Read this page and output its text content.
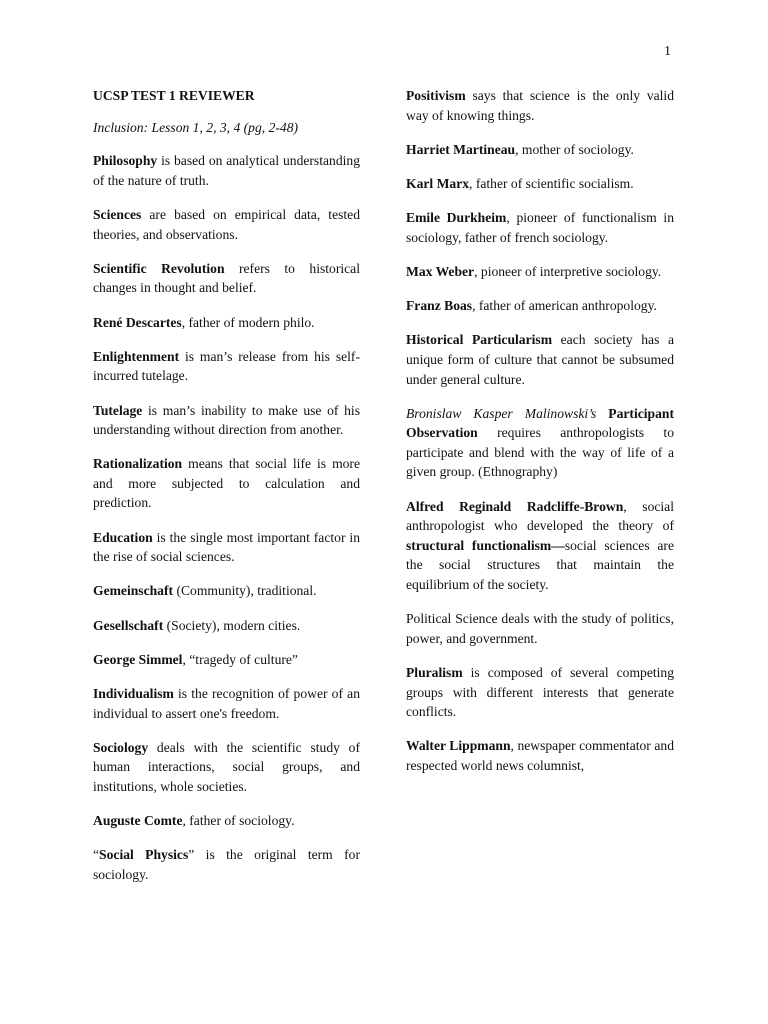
1

UCSP TEST 1 REVIEWER

Inclusion: Lesson 1, 2, 3, 4 (pg, 2-48)

Philosophy is based on analytical understanding of the nature of truth.

Sciences are based on empirical data, tested theories, and observations.

Scientific Revolution refers to historical changes in thought and belief.

René Descartes, father of modern philo.

Enlightenment is man’s release from his self-incurred tutelage.

Tutelage is man’s inability to make use of his understanding without direction from another.

Rationalization means that social life is more and more subjected to calculation and prediction.

Education is the single most important factor in the rise of social sciences.

Gemeinschaft (Community), traditional.

Gesellschaft (Society), modern cities.

George Simmel, “tragedy of culture”

Individualism is the recognition of power of an individual to assert one's freedom.

Sociology deals with the scientific study of human interactions, social groups, and institutions, whole societies.

Auguste Comte, father of sociology.

“Social Physics” is the original term for sociology.

Positivism says that science is the only valid way of knowing things.

Harriet Martineau, mother of sociology.

Karl Marx, father of scientific socialism.

Emile Durkheim, pioneer of functionalism in sociology, father of french sociology.

Max Weber, pioneer of interpretive sociology.

Franz Boas, father of american anthropology.

Historical Particularism each society has a unique form of culture that cannot be subsumed under general culture.

Bronislaw Kasper Malinowski’s Participant Observation requires anthropologists to participate and blend with the way of life of a given group. (Ethnography)

Alfred Reginald Radcliffe-Brown, social anthropologist who developed the theory of structural functionalism—social sciences are the social structures that maintain the equilibrium of the society.

Political Science deals with the study of politics, power, and government.

Pluralism is composed of several competing groups with different interests that generate conflicts.

Walter Lippmann, newspaper commentator and respected world news columnist,
